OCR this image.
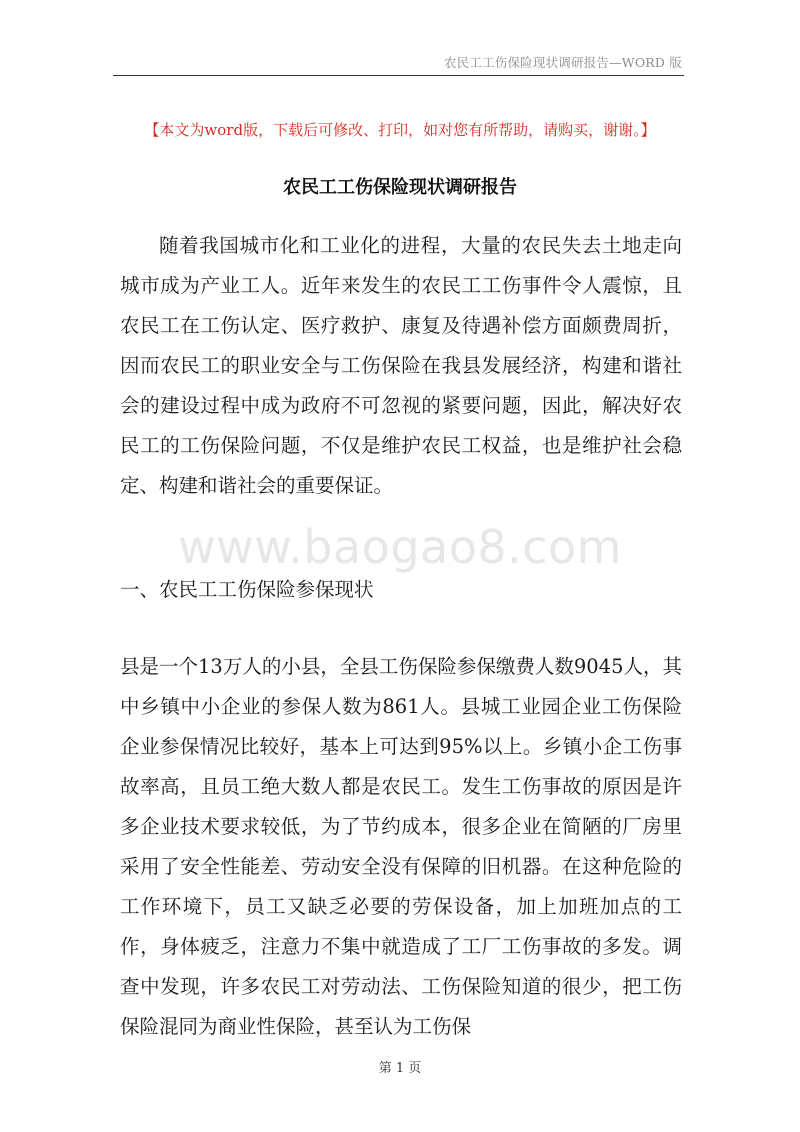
农民工工伤保险现状调研报告—WORD 版
【本文为word版，下载后可修改、打印，如对您有所帮助，请购买，谢谢。】
农民工工伤保险现状调研报告

随着我国城市化和工业化的进程，大量的农民失去土地走向城市成为产业工人。近年来发生的农民工工伤事件令人震惊，且农民工在工伤认定、医疗救护、康复及待遇补偿方面颇费周折，因而农民工的职业安全与工伤保险在我县发展经济，构建和谐社会的建设过程中成为政府不可忽视的紧要问题，因此，解决好农民工的工伤保险问题，不仅是维护农民工权益，也是维护社会稳定、构建和谐社会的重要保证。

www.baogao8.com
一、农民工工伤保险参保现状

县是一个13万人的小县，全县工伤保险参保缴费人数9045人，其中乡镇中小企业的参保人数为861人。县城工业园企业工伤保险企业参保情况比较好，基本上可达到95%以上。乡镇小企工伤事故率高，且员工绝大数人都是农民工。发生工伤事故的原因是许多企业技术要求较低，为了节约成本，很多企业在简陋的厂房里采用了安全性能差、劳动安全没有保障的旧机器。在这种危险的工作环境下，员工又缺乏必要的劳保设备，加上加班加点的工作，身体疲乏，注意力不集中就造成了工厂工伤事故的多发。调查中发现，许多农民工对劳动法、工伤保险知道的很少，把工伤保险混同为商业性保险，甚至认为工伤保

第 1 页
